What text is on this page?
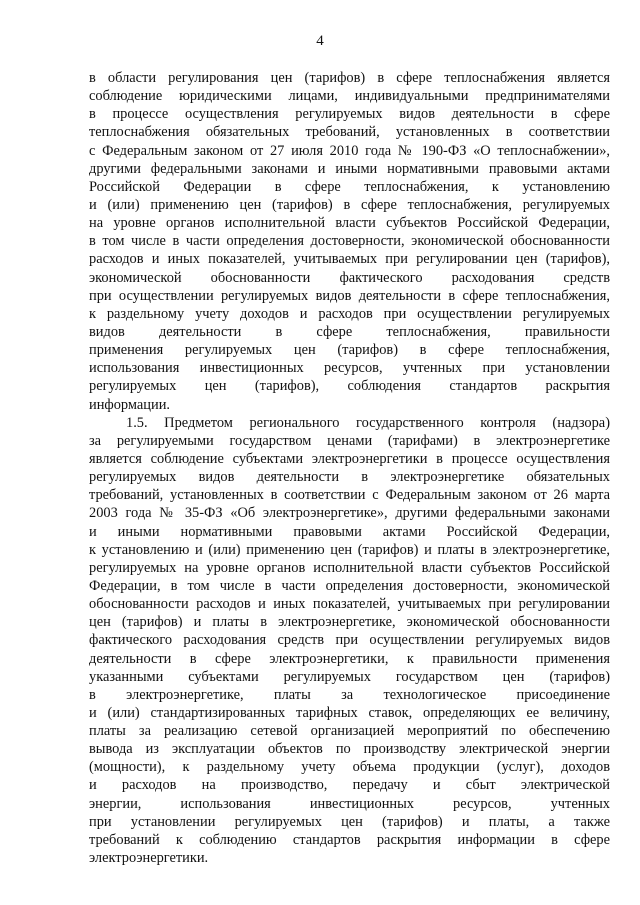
4
в области регулирования цен (тарифов) в сфере теплоснабжения является
соблюдение юридическими лицами, индивидуальными предпринимателями
в процессе осуществления регулируемых видов деятельности в сфере
теплоснабжения обязательных требований, установленных в соответствии
с Федеральным законом от 27 июля 2010 года № 190-ФЗ «О теплоснабжении»,
другими федеральными законами и иными нормативными правовыми актами
Российской Федерации в сфере теплоснабжения, к установлению
и (или) применению цен (тарифов) в сфере теплоснабжения, регулируемых
на уровне органов исполнительной власти субъектов Российской Федерации,
в том числе в части определения достоверности, экономической обоснованности
расходов и иных показателей, учитываемых при регулировании цен (тарифов),
экономической обоснованности фактического расходования средств
при осуществлении регулируемых видов деятельности в сфере теплоснабжения,
к раздельному учету доходов и расходов при осуществлении регулируемых
видов деятельности в сфере теплоснабжения, правильности
применения регулируемых цен (тарифов) в сфере теплоснабжения,
использования инвестиционных ресурсов, учтенных при установлении
регулируемых цен (тарифов), соблюдения стандартов раскрытия
информации.
1.5. Предметом регионального государственного контроля (надзора)
за регулируемыми государством ценами (тарифами) в электроэнергетике
является соблюдение субъектами электроэнергетики в процессе осуществления
регулируемых видов деятельности в электроэнергетике обязательных
требований, установленных в соответствии с Федеральным законом от 26 марта
2003 года № 35-ФЗ «Об электроэнергетике», другими федеральными законами
и иными нормативными правовыми актами Российской Федерации,
к установлению и (или) применению цен (тарифов) и платы в электроэнергетике,
регулируемых на уровне органов исполнительной власти субъектов Российской
Федерации, в том числе в части определения достоверности, экономической
обоснованности расходов и иных показателей, учитываемых при регулировании
цен (тарифов) и платы в электроэнергетике, экономической обоснованности
фактического расходования средств при осуществлении регулируемых видов
деятельности в сфере электроэнергетики, к правильности применения
указанными субъектами регулируемых государством цен (тарифов)
в электроэнергетике, платы за технологическое присоединение
и (или) стандартизированных тарифных ставок, определяющих ее величину,
платы за реализацию сетевой организацией мероприятий по обеспечению
вывода из эксплуатации объектов по производству электрической энергии
(мощности), к раздельному учету объема продукции (услуг), доходов
и расходов на производство, передачу и сбыт электрической
энергии, использования инвестиционных ресурсов, учтенных
при установлении регулируемых цен (тарифов) и платы, а также
требований к соблюдению стандартов раскрытия информации в сфере
электроэнергетики.
